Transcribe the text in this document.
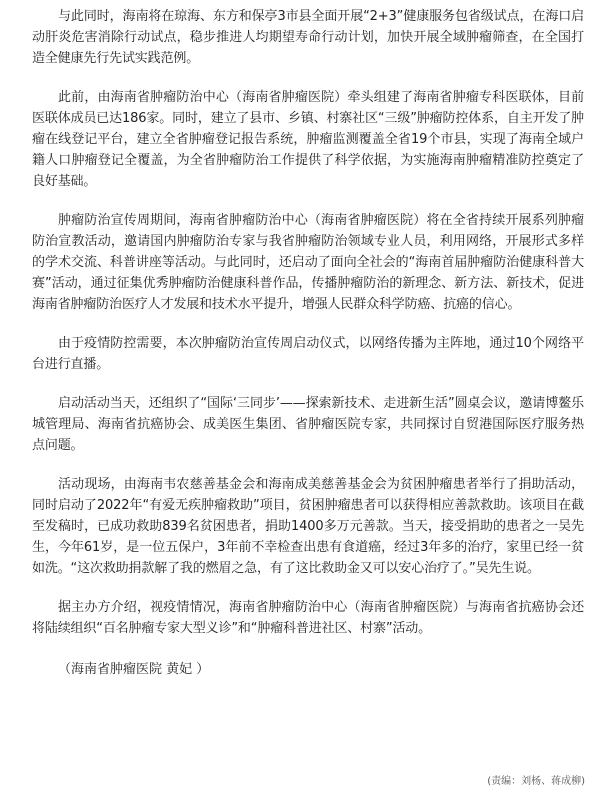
与此同时，海南将在琼海、东方和保亭3市县全面开展“2+3”健康服务包省级试点，在海口启动肝炎危害消除行动试点，稳步推进人均期望寿命行动计划，加快开展全域肿瘤筛查，在全国打造全健康先行先试实践范例。

此前，由海南省肿瘤防治中心（海南省肿瘤医院）牵头组建了海南省肿瘤专科医联体，目前医联体成员已达186家。同时，建立了县市、乡镇、村寨社区“三级”肿瘤防控体系，自主开发了肿瘤在线登记平台，建立全省肿瘤登记报告系统，肿瘤监测覆盖全省19个市县，实现了海南全域户籍人口肿瘤登记全覆盖，为全省肿瘤防治工作提供了科学依据，为实施海南肿瘤精准防控奠定了良好基础。

肿瘤防治宣传周期间，海南省肿瘤防治中心（海南省肿瘤医院）将在全省持续开展系列肿瘤防治宣教活动，邀请国内肿瘤防治专家与我省肿瘤防治领域专业人员，利用网络，开展形式多样的学术交流、科普讲座等活动。与此同时，还启动了面向全社会的“海南首届肿瘤防治健康科普大赛”活动，通过征集优秀肿瘤防治健康科普作品，传播肿瘤防治的新理念、新方法、新技术，促进海南省肿瘤防治医疗人才发展和技术水平提升，增强人民群众科学防癌、抗癌的信心。

由于疫情防控需要，本次肿瘤防治宣传周启动仪式，以网络传播为主阵地，通过10个网络平台进行直播。

启动活动当天，还组织了“国际‘三同步’——探索新技术、走进新生活”圆桌会议，邀请博鳌乐城管理局、海南省抗癌协会、成美医生集团、省肿瘤医院专家，共同探讨自贸港国际医疗服务热点问题。

活动现场，由海南韦农慈善基金会和海南成美慈善基金会为贫困肿瘤患者举行了捐助活动，同时启动了2022年“有爱无疾肿瘤救助”项目，贫困肿瘤患者可以获得相应善款救助。该项目在截至发稿时，已成功救助839名贫困患者，捐助1400多万元善款。当天，接受捐助的患者之一吴先生，今年61岁，是一位五保户，3年前不幸检查出患有食道癌，经过3年多的治疗，家里已经一贫如洗。“这次救助捐款解了我的燃眉之急，有了这比救助金又可以安心治疗了。”吴先生说。

据主办方介绍，视疫情情况，海南省肿瘤防治中心（海南省肿瘤医院）与海南省抗癌协会还将陆续组织“百名肿瘤专家大型义诊”和“肿瘤科普进社区、村寨”活动。

（海南省肿瘤医院 黄妃 ）

(责编：刘杨、蒋成柳)
